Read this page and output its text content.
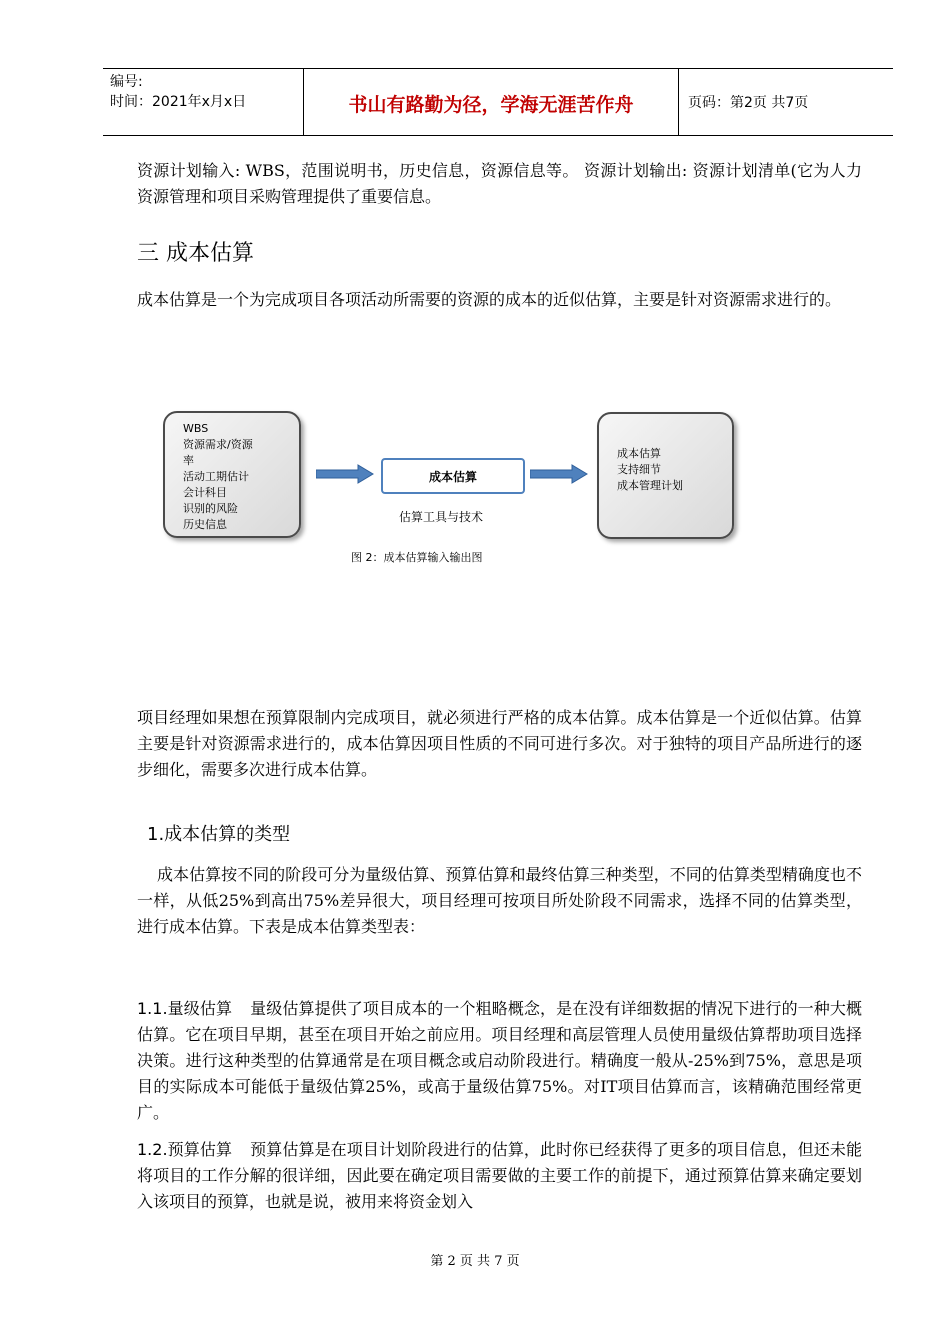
编号:
时间：2021年x月x日	书山有路勤为径，学海无涯苦作舟	页码：第2页 共7页
资源计划输入: WBS，范围说明书，历史信息，资源信息等。 资源计划输出: 资源计划清单(它为人力资源管理和项目采购管理提供了重要信息。
三 成本估算
成本估算是一个为完成项目各项活动所需要的资源的成本的近似估算，主要是针对资源需求进行的。
WBS
资源需求/资源
率
活动工期估计
会计科目
识别的风险
历史信息
成本估算
估算工具与技术
成本估算
支持细节
成本管理计划
图 2：成本估算输入输出图
项目经理如果想在预算限制内完成项目，就必须进行严格的成本估算。成本估算是一个近似估算。估算主要是针对资源需求进行的，成本估算因项目性质的不同可进行多次。对于独特的项目产品所进行的逐步细化，需要多次进行成本估算。
1.成本估算的类型
成本估算按不同的阶段可分为量级估算、预算估算和最终估算三种类型，不同的估算类型精确度也不一样，从低25%到高出75%差异很大，项目经理可按项目所处阶段不同需求，选择不同的估算类型，进行成本估算。下表是成本估算类型表：
1.1.量级估算 量级估算提供了项目成本的一个粗略概念，是在没有详细数据的情况下进行的一种大概估算。它在项目早期，甚至在项目开始之前应用。项目经理和高层管理人员使用量级估算帮助项目选择决策。进行这种类型的估算通常是在项目概念或启动阶段进行。精确度一般从-25%到75%，意思是项目的实际成本可能低于量级估算25%，或高于量级估算75%。对IT项目估算而言，该精确范围经常更广。
1.2.预算估算 预算估算是在项目计划阶段进行的估算，此时你已经获得了更多的项目信息，但还未能将项目的工作分解的很详细，因此要在确定项目需要做的主要工作的前提下，通过预算估算来确定要划入该项目的预算，也就是说，被用来将资金划入
第 2 页 共 7 页
